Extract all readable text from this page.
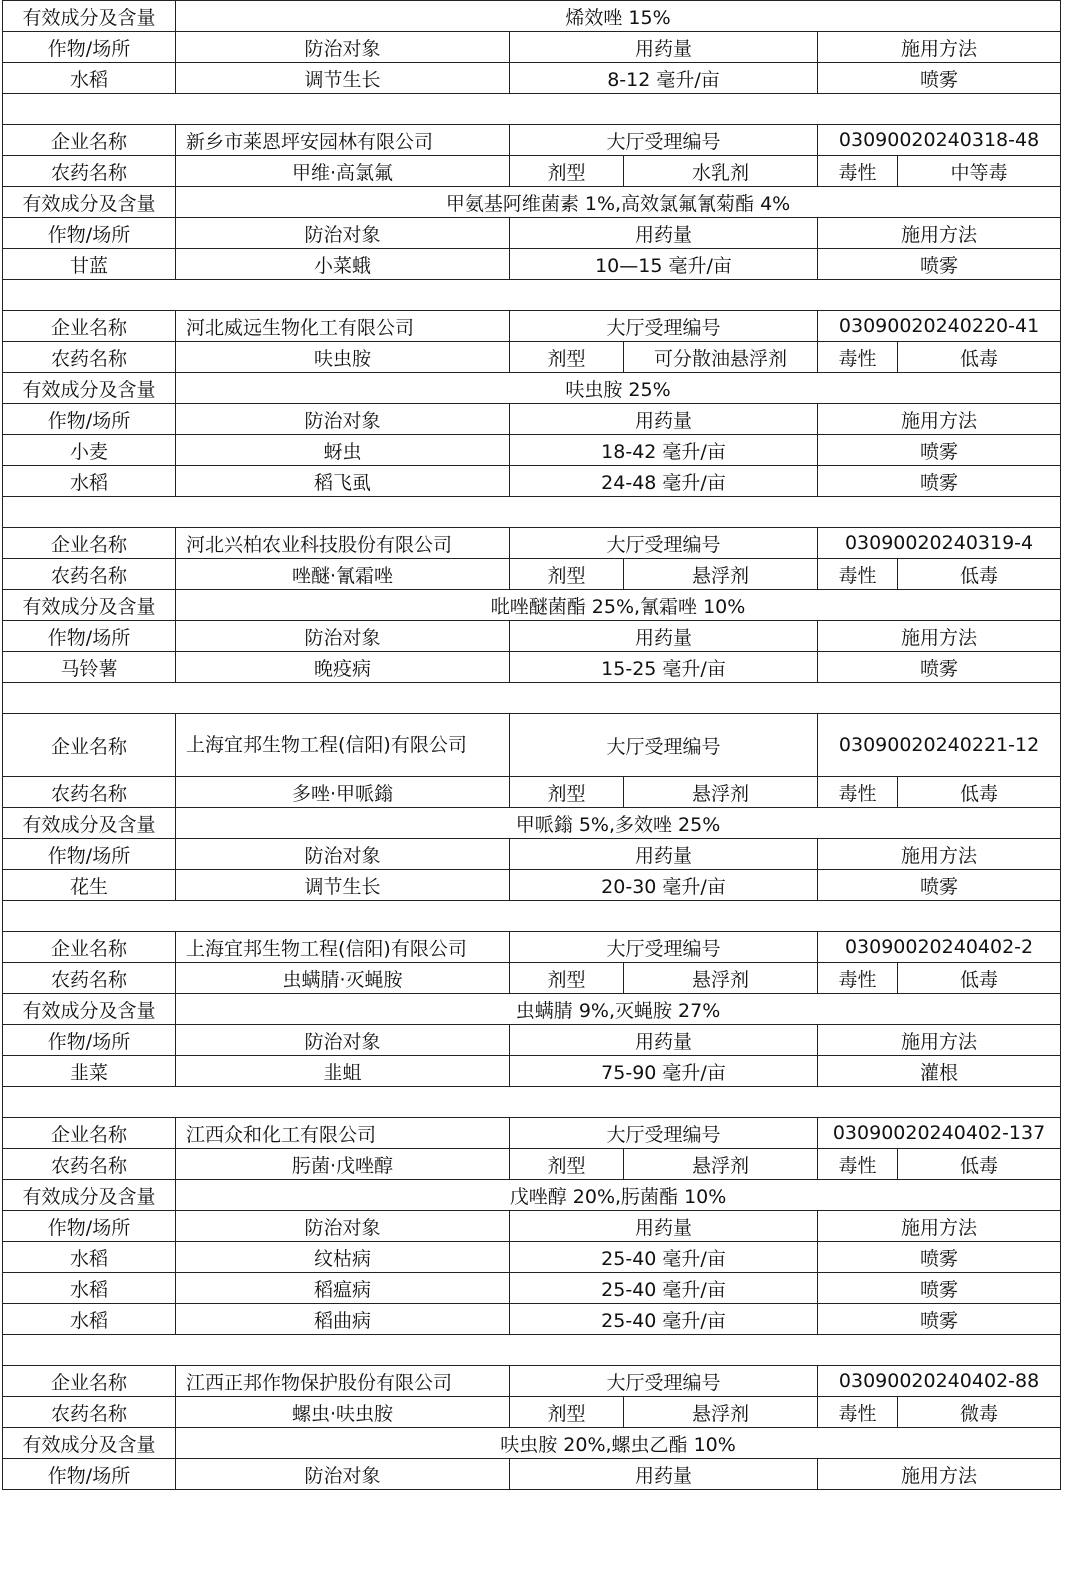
有效成分及含量	烯效唑 15%				
作物/场所	防治对象	用药量		施用方法	
水稻	调节生长	8-12 毫升/亩		喷雾	

企业名称	新乡市莱恩坪安园林有限公司	大厅受理编号		03090020240318-48	
农药名称	甲维·高氯氟	剂型	水乳剂	毒性	中等毒
有效成分及含量	甲氨基阿维菌素 1%,高效氯氟氰菊酯 4%				
作物/场所	防治对象	用药量		施用方法	
甘蓝	小菜蛾	10—15 毫升/亩		喷雾	

企业名称	河北威远生物化工有限公司	大厅受理编号		03090020240220-41	
农药名称	呋虫胺	剂型	可分散油悬浮剂	毒性	低毒
有效成分及含量	呋虫胺 25%				
作物/场所	防治对象	用药量		施用方法	
小麦	蚜虫	18-42 毫升/亩		喷雾	
水稻	稻飞虱	24-48 毫升/亩		喷雾	

企业名称	河北兴柏农业科技股份有限公司	大厅受理编号		03090020240319-4	
农药名称	唑醚·氰霜唑	剂型	悬浮剂	毒性	低毒
有效成分及含量	吡唑醚菌酯 25%,氰霜唑 10%				
作物/场所	防治对象	用药量		施用方法	
马铃薯	晚疫病	15-25 毫升/亩		喷雾	

企业名称	上海宜邦生物工程(信阳)有限公司	大厅受理编号		03090020240221-12	
农药名称	多唑·甲哌鎓	剂型	悬浮剂	毒性	低毒
有效成分及含量	甲哌鎓 5%,多效唑 25%				
作物/场所	防治对象	用药量		施用方法	
花生	调节生长	20-30 毫升/亩		喷雾	

企业名称	上海宜邦生物工程(信阳)有限公司	大厅受理编号		03090020240402-2	
农药名称	虫螨腈·灭蝇胺	剂型	悬浮剂	毒性	低毒
有效成分及含量	虫螨腈 9%,灭蝇胺 27%				
作物/场所	防治对象	用药量		施用方法	
韭菜	韭蛆	75-90 毫升/亩		灌根	

企业名称	江西众和化工有限公司	大厅受理编号		03090020240402-137	
农药名称	肟菌·戊唑醇	剂型	悬浮剂	毒性	低毒
有效成分及含量	戊唑醇 20%,肟菌酯 10%				
作物/场所	防治对象	用药量		施用方法	
水稻	纹枯病	25-40 毫升/亩		喷雾	
水稻	稻瘟病	25-40 毫升/亩		喷雾	
水稻	稻曲病	25-40 毫升/亩		喷雾	

企业名称	江西正邦作物保护股份有限公司	大厅受理编号		03090020240402-88	
农药名称	螺虫·呋虫胺	剂型	悬浮剂	毒性	微毒
有效成分及含量	呋虫胺 20%,螺虫乙酯 10%				
作物/场所	防治对象	用药量		施用方法	
